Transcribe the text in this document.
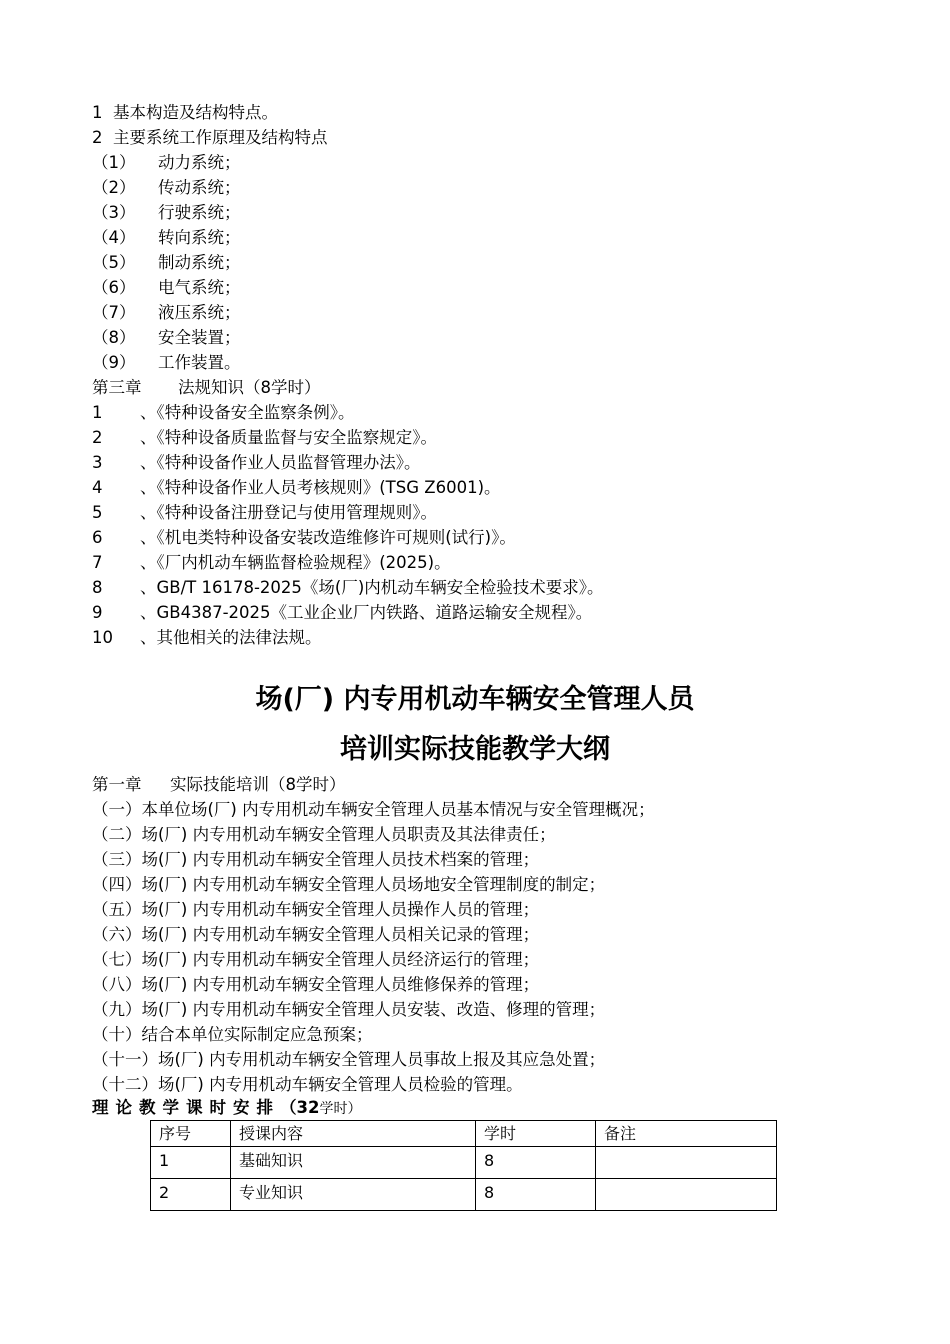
1 基本构造及结构特点。
2 主要系统工作原理及结构特点
（1） 动力系统；
（2） 传动系统；
（3） 行驶系统；
（4） 转向系统；
（5） 制动系统；
（6） 电气系统；
（7） 液压系统；
（8） 安全装置；
（9） 工作装置。
第三章 法规知识（8学时）
1 、《特种设备安全监察条例》。
2 、《特种设备质量监督与安全监察规定》。
3 、《特种设备作业人员监督管理办法》。
4 、《特种设备作业人员考核规则》(TSG Z6001)。
5 、《特种设备注册登记与使用管理规则》。
6 、《机电类特种设备安装改造维修许可规则(试行)》。
7 、《厂内机动车辆监督检验规程》(2025)。
8 、GB/T 16178-2025《场(厂)内机动车辆安全检验技术要求》。
9 、GB4387-2025《工业企业厂内铁路、道路运输安全规程》。
10 、其他相关的法律法规。
场(厂) 内专用机动车辆安全管理人员
培训实际技能教学大纲
第一章 实际技能培训（8学时）
（一）本单位场(厂) 内专用机动车辆安全管理人员基本情况与安全管理概况；
（二）场(厂) 内专用机动车辆安全管理人员职责及其法律责任；
（三）场(厂) 内专用机动车辆安全管理人员技术档案的管理；
（四）场(厂) 内专用机动车辆安全管理人员场地安全管理制度的制定；
（五）场(厂) 内专用机动车辆安全管理人员操作人员的管理；
（六）场(厂) 内专用机动车辆安全管理人员相关记录的管理；
（七）场(厂) 内专用机动车辆安全管理人员经济运行的管理；
（八）场(厂) 内专用机动车辆安全管理人员维修保养的管理；
（九）场(厂) 内专用机动车辆安全管理人员安装、改造、修理的管理；
（十）结合本单位实际制定应急预案；
（十一）场(厂) 内专用机动车辆安全管理人员事故上报及其应急处置；
（十二）场(厂) 内专用机动车辆安全管理人员检验的管理。
理论教学课时安排（32学时）
序号	授课内容	学时	备注
1	基础知识	8	
2	专业知识	8	
